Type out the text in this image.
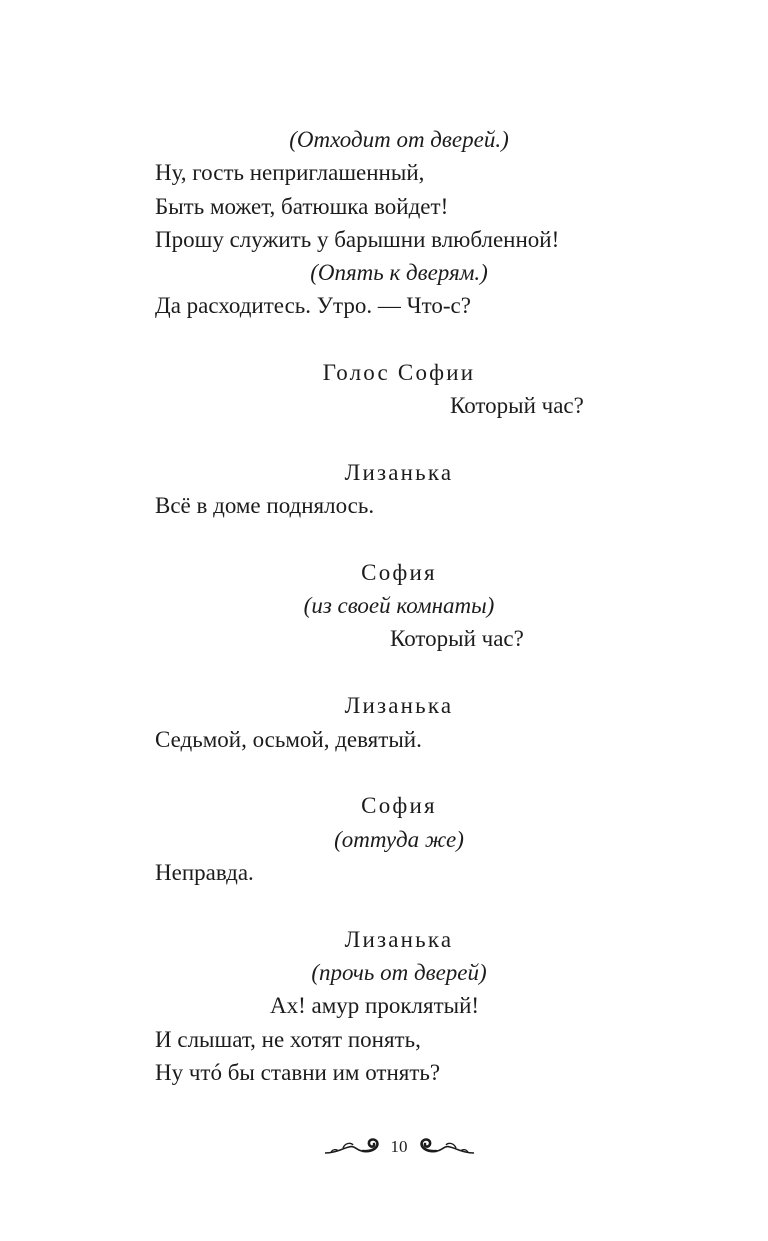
(Отходит от дверей.)
Ну, гость неприглашенный,
Быть может, батюшка войдет!
Прошу служить у барышни влюбленной!
(Опять к дверям.)
Да расходитесь. Утро. — Что-с?
Голос Софии
Который час?
Лизанька
Всё в доме поднялось.
София
(из своей комнаты)
Который час?
Лизанька
Седьмой, осьмой, девятый.
София
(оттуда же)
Неправда.
Лизанька
(прочь от дверей)
Ах! амур проклятый!
И слышат, не хотят понять,
Ну чтó бы ставни им отнять?
10
